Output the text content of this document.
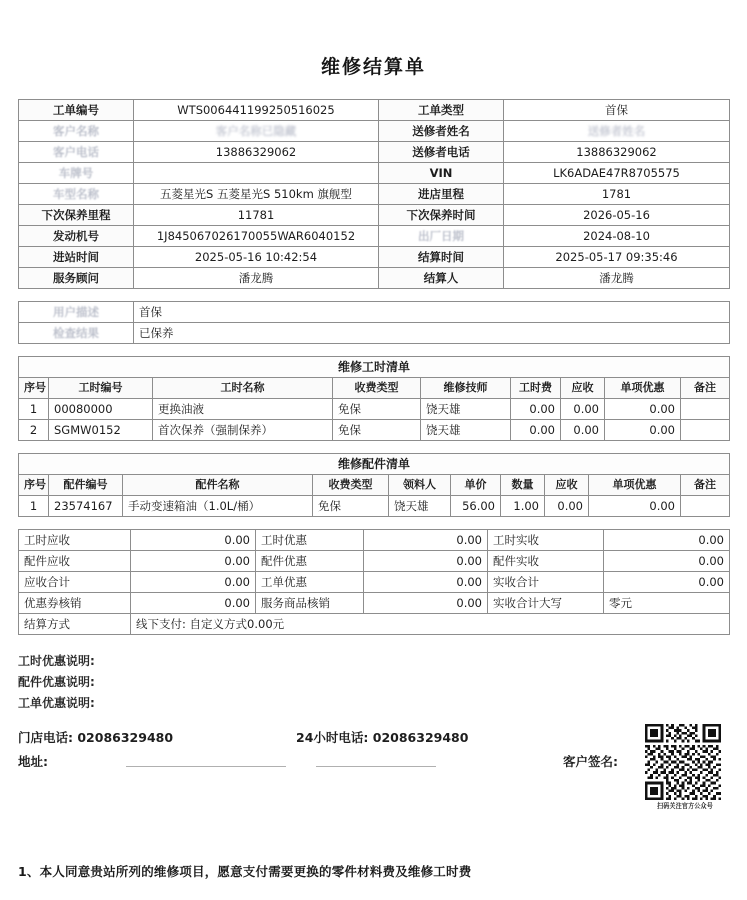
维修结算单
工单编号	WTS006441199250516025	工单类型	首保
客户名称	客户名称已隐藏	送修者姓名	送修者姓名
客户电话	13886329062	送修者电话	13886329062
车牌号		VIN	LK6ADAE47R8705575
车型名称	五菱星光S 五菱星光S 510km 旗舰型	进店里程	1781
下次保养里程	11781	下次保养时间	2026-05-16
发动机号	1J845067026170055WAR6040152	出厂日期	2024-08-10
进站时间	2025-05-16 10:42:54	结算时间	2025-05-17 09:35:46
服务顾问	潘龙腾	结算人	潘龙腾
用户描述	首保
检查结果	已保养
维修工时清单								
序号	工时编号	工时名称	收费类型	维修技师	工时费	应收	单项优惠	备注
1	00080000	更换油液	免保	饶天雄	0.00	0.00	0.00	
2	SGMW0152	首次保养（强制保养）	免保	饶天雄	0.00	0.00	0.00	
维修配件清单									
序号	配件编号	配件名称	收费类型	领料人	单价	数量	应收	单项优惠	备注
1	23574167	手动变速箱油（1.0L/桶）	免保	饶天雄	56.00	1.00	0.00	0.00	
工时应收	0.00	工时优惠	0.00	工时实收	0.00
配件应收	0.00	配件优惠	0.00	配件实收	0.00
应收合计	0.00	工单优惠	0.00	实收合计	0.00
优惠券核销	0.00	服务商品核销	0.00	实收合计大写	零元
结算方式	线下支付: 自定义方式0.00元				
工时优惠说明:
配件优惠说明:
工单优惠说明:
门店电话: 02086329480	24小时电话: 02086329480
地址:	客户签名:
扫码关注官方公众号
1、本人同意贵站所列的维修项目，愿意支付需要更换的零件材料费及维修工时费
